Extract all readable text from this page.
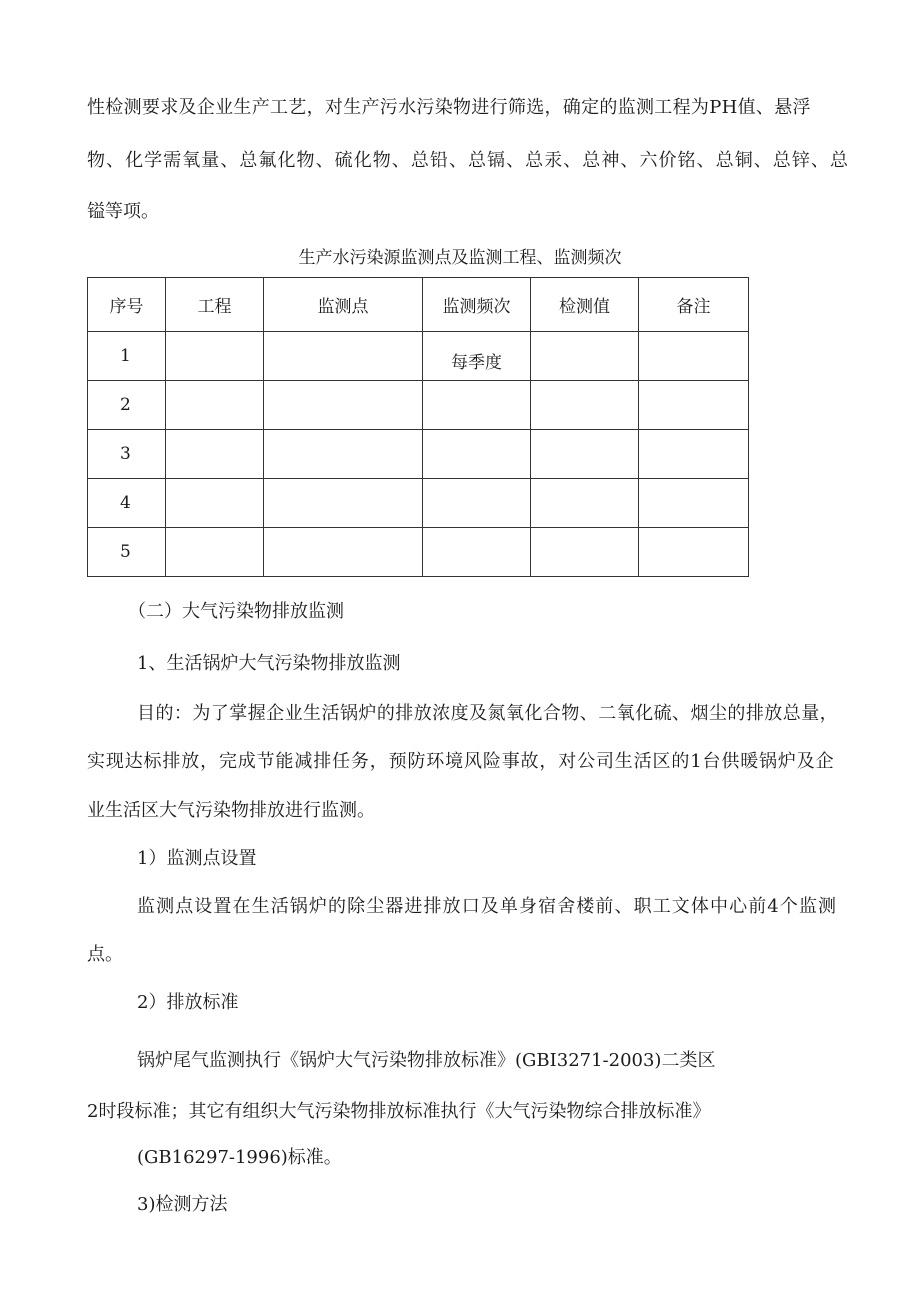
性检测要求及企业生产工艺，对生产污水污染物进行筛选，确定的监测工程为PH值、悬浮
物、化学需氧量、总氟化物、硫化物、总铅、总镉、总汞、总神、六价铭、总铜、总锌、总
镒等项。
生产水污染源监测点及监测工程、监测频次
序号	工程	监测点	监测频次	检测值	备注
1			每季度		
2					
3					
4					
5					
（二）大气污染物排放监测
1、生活锅炉大气污染物排放监测
目的：为了掌握企业生活锅炉的排放浓度及氮氧化合物、二氧化硫、烟尘的排放总量，
实现达标排放，完成节能减排任务，预防环境风险事故，对公司生活区的1台供暖锅炉及企
业生活区大气污染物排放进行监测。
1）监测点设置
监测点设置在生活锅炉的除尘器进排放口及单身宿舍楼前、职工文体中心前4个监测
点。
2）排放标准
锅炉尾气监测执行《锅炉大气污染物排放标准》(GBI3271-2003)二类区
2时段标准；其它有组织大气污染物排放标准执行《大气污染物综合排放标准》
(GB16297-1996)标准。
3)检测方法
